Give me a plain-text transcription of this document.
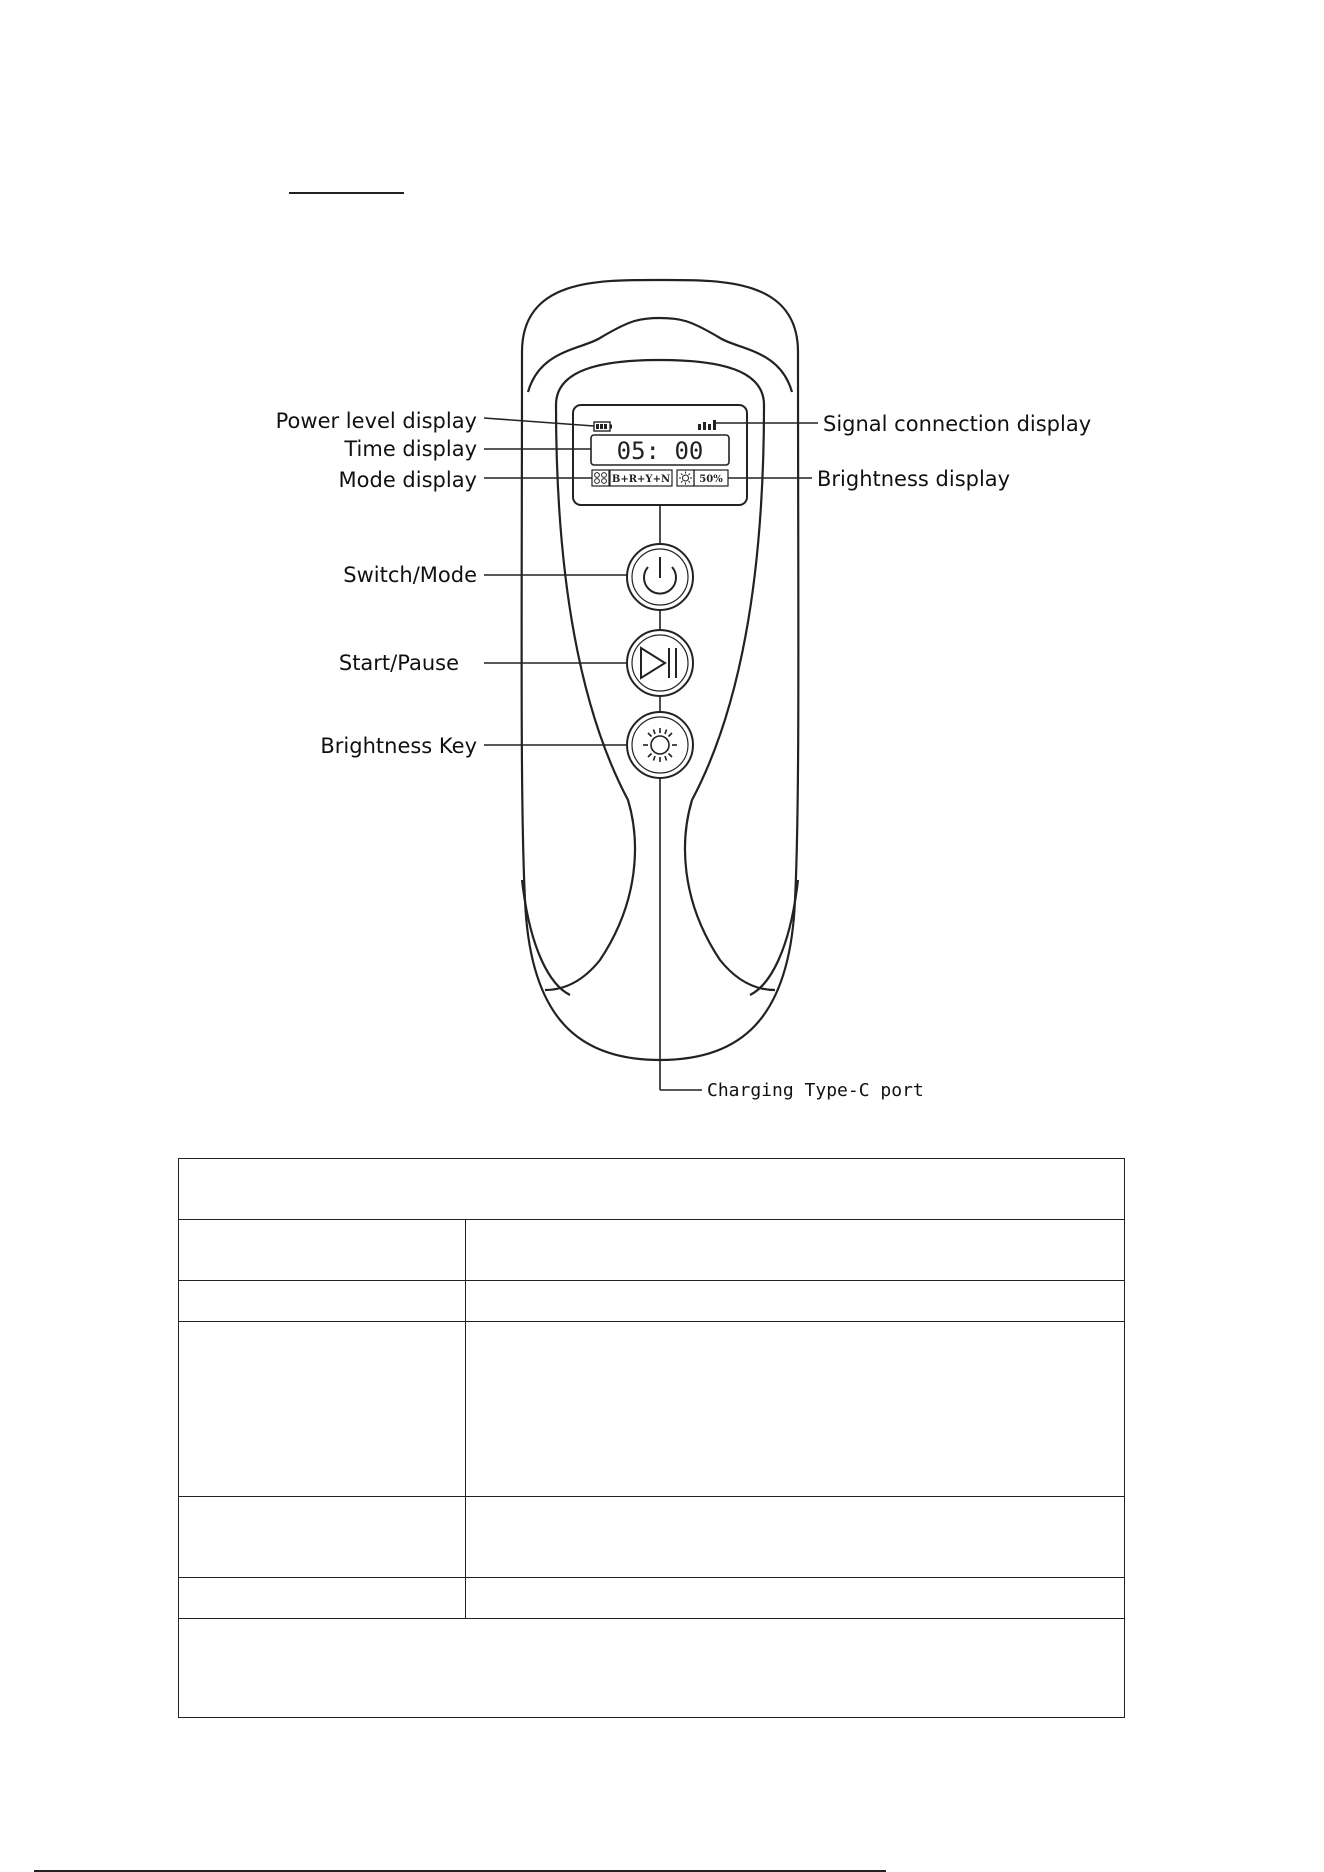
05: 00
B+R+Y+N	50%
Power level display
Time display
Mode display
Signal connection display
Brightness display
Switch/Mode
Start/Pause
Brightness Key
Charging Type-C port
